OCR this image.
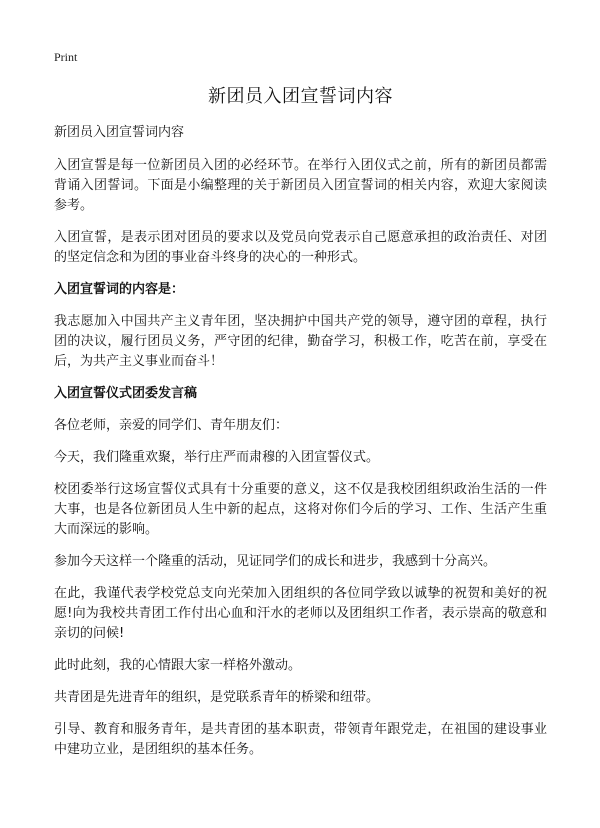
Print
新团员入团宣誓词内容

新团员入团宣誓词内容

入团宣誓是每一位新团员入团的必经环节。在举行入团仪式之前，所有的新团员都需背诵入团誓词。下面是小编整理的关于新团员入团宣誓词的相关内容，欢迎大家阅读参考。

入团宣誓，是表示团对团员的要求以及党员向党表示自己愿意承担的政治责任、对团的坚定信念和为团的事业奋斗终身的决心的一种形式。

入团宣誓词的内容是：

我志愿加入中国共产主义青年团，坚决拥护中国共产党的领导，遵守团的章程，执行团的决议，履行团员义务，严守团的纪律，勤奋学习，积极工作，吃苦在前，享受在后，为共产主义事业而奋斗！

入团宣誓仪式团委发言稿

各位老师，亲爱的同学们、青年朋友们：

今天，我们隆重欢聚，举行庄严而肃穆的入团宣誓仪式。

校团委举行这场宣誓仪式具有十分重要的意义，这不仅是我校团组织政治生活的一件大事，也是各位新团员人生中新的起点，这将对你们今后的学习、工作、生活产生重大而深远的影响。

参加今天这样一个隆重的活动，见证同学们的成长和进步，我感到十分高兴。

在此，我谨代表学校党总支向光荣加入团组织的各位同学致以诚挚的祝贺和美好的祝愿!向为我校共青团工作付出心血和汗水的老师以及团组织工作者，表示崇高的敬意和亲切的问候!

此时此刻，我的心情跟大家一样格外激动。

共青团是先进青年的组织，是党联系青年的桥梁和纽带。

引导、教育和服务青年，是共青团的基本职责，带领青年跟党走，在祖国的建设事业中建功立业，是团组织的基本任务。
